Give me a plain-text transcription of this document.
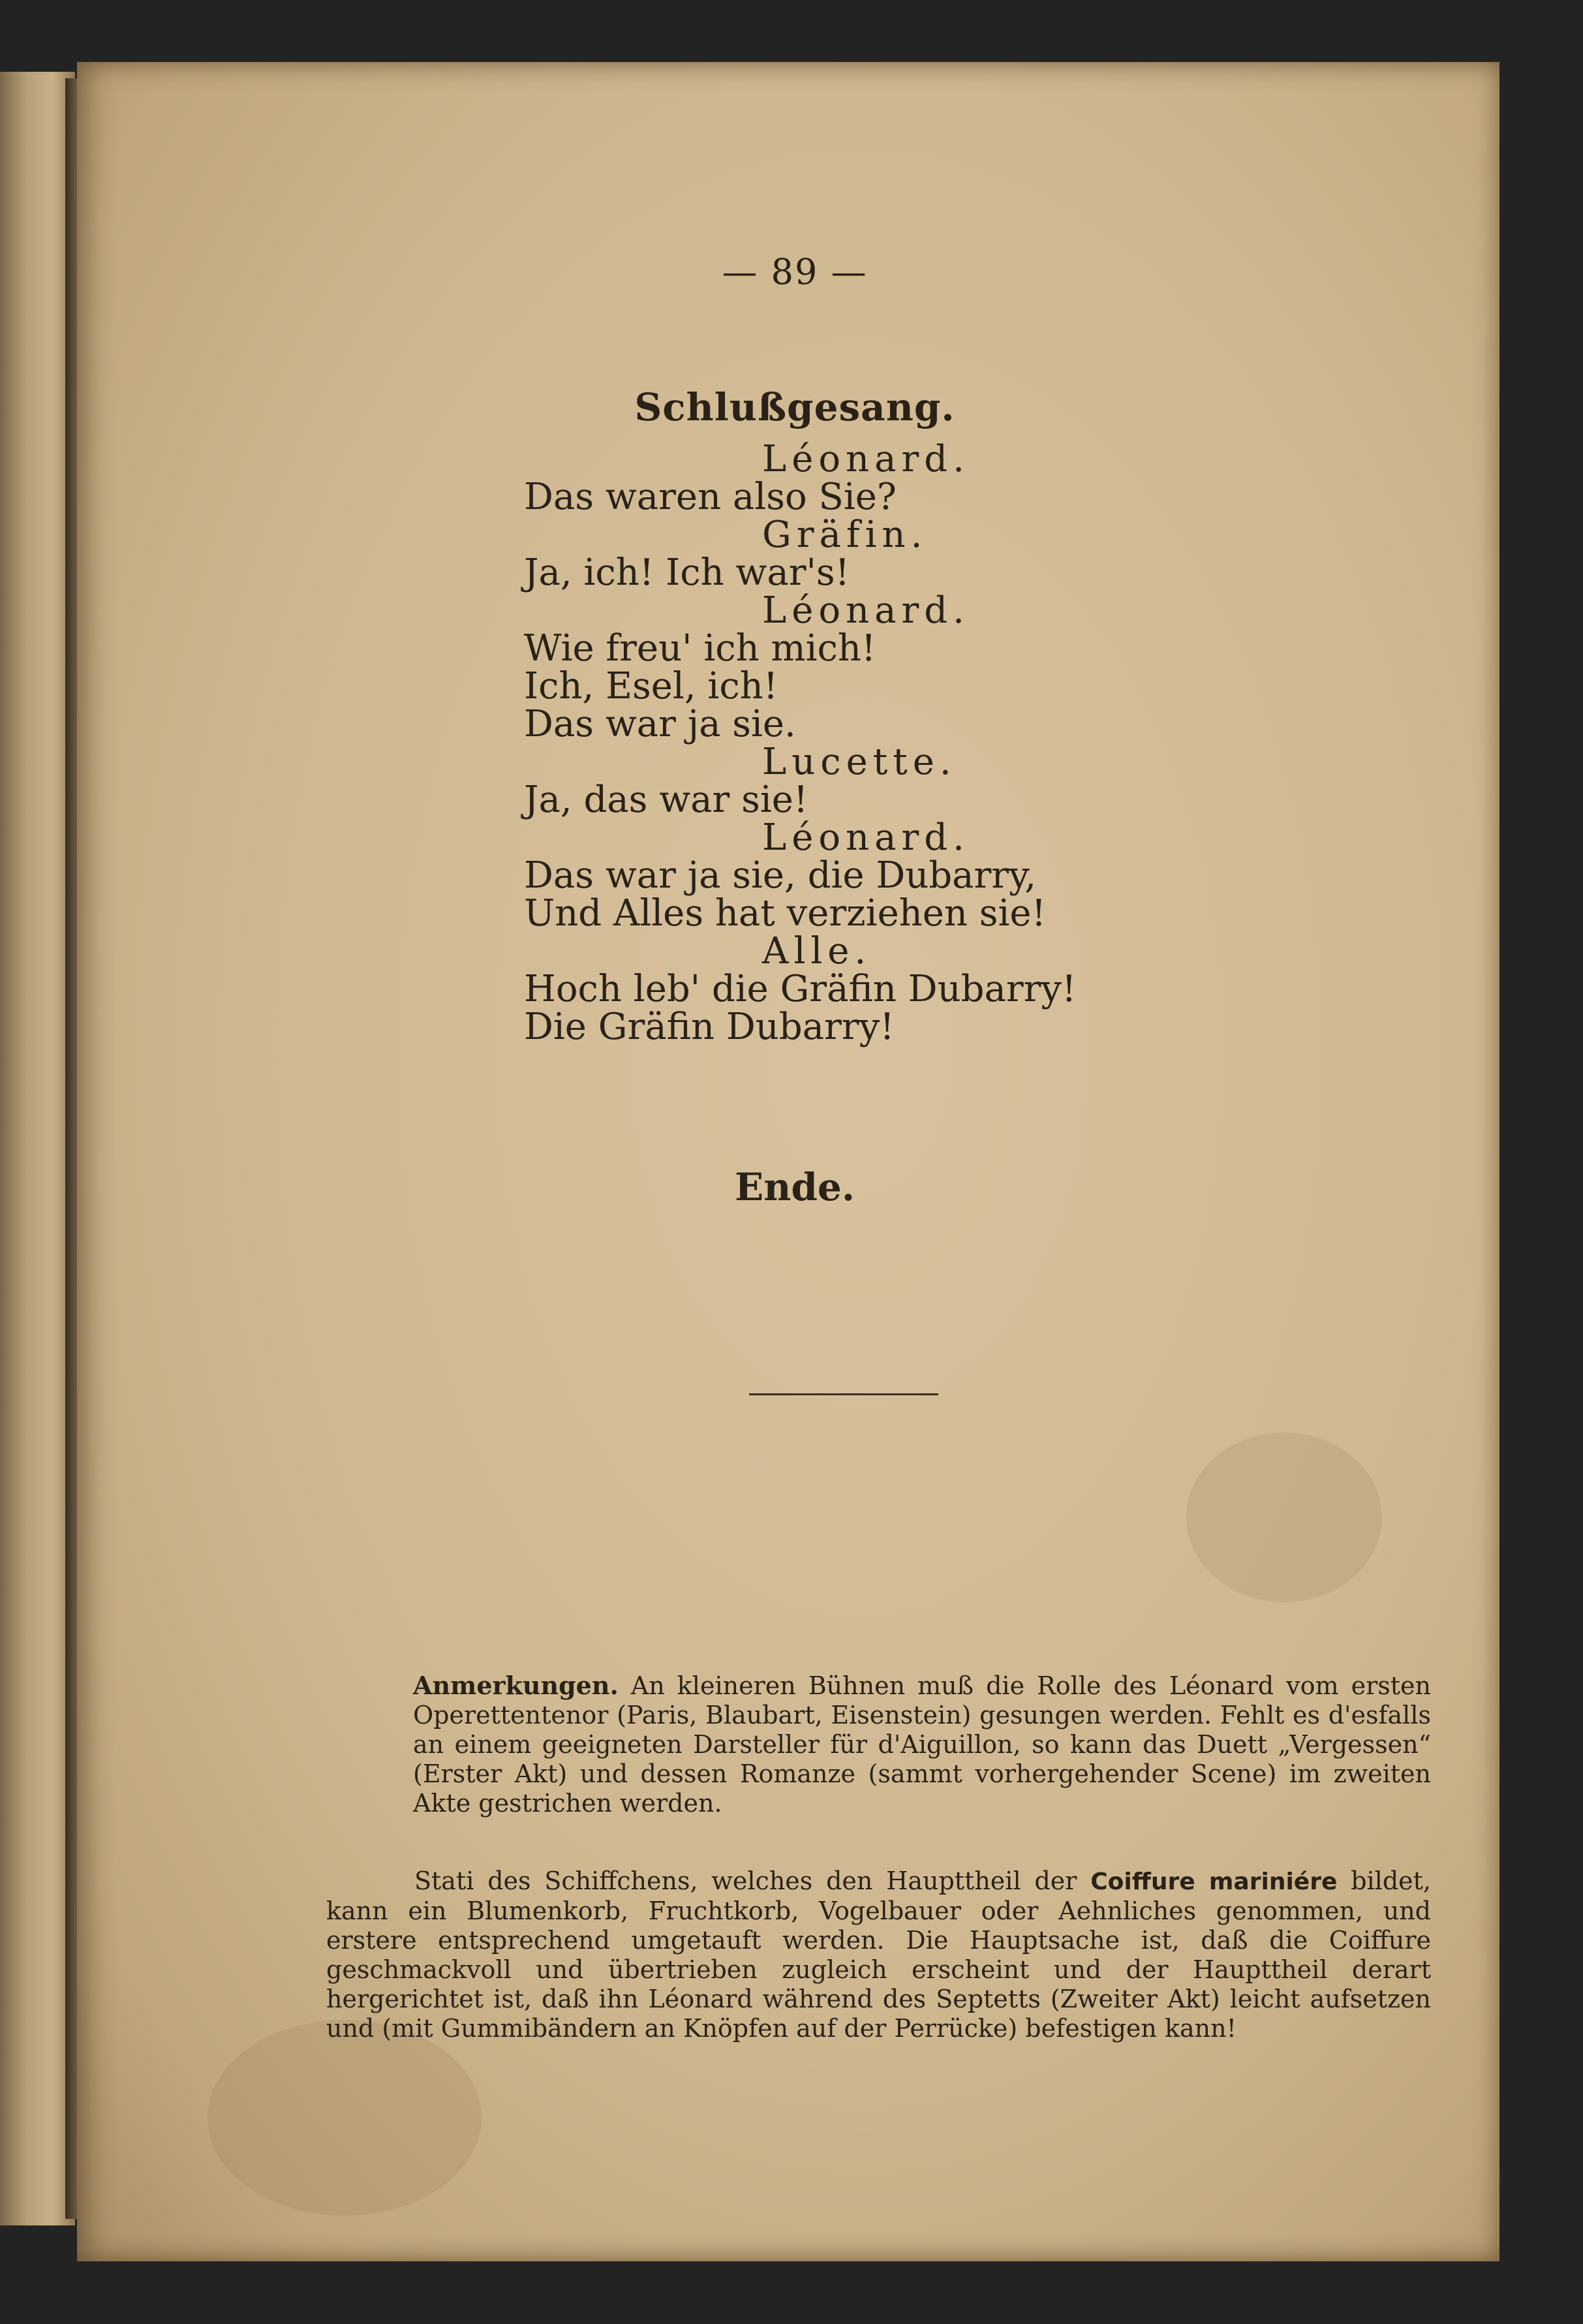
— 89 —
Schlußgesang.
Léonard.
Das waren also Sie?
Gräfin.
Ja, ich! Ich war's!
Léonard.
Wie freu' ich mich!
Ich, Esel, ich!
Das war ja sie.
Lucette.
Ja, das war sie!
Léonard.
Das war ja sie, die Dubarry,
Und Alles hat verziehen sie!
Alle.
Hoch leb' die Gräfin Dubarry!
Die Gräfin Dubarry!
Ende.
Anmerkungen. An kleineren Bühnen muß die Rolle des Léonard vom ersten Operettentenor (Paris, Blaubart, Eisenstein) gesungen werden. Fehlt es d'esfalls an einem geeigneten Darsteller für d'Aiguillon, so kann das Duett „Vergessen“ (Erster Akt) und dessen Romanze (sammt vorhergehender Scene) im zweiten Akte gestrichen werden.
Stati des Schiffchens, welches den Haupttheil der Coiffure mariniére bildet, kann ein Blumenkorb, Fruchtkorb, Vogelbauer oder Aehnliches genommen, und erstere entsprechend umgetauft werden. Die Hauptsache ist, daß die Coiffure geschmackvoll und übertrieben zugleich erscheint und der Haupttheil derart hergerichtet ist, daß ihn Léonard während des Septetts (Zweiter Akt) leicht aufsetzen und (mit Gummibändern an Knöpfen auf der Perrücke) befestigen kann!
